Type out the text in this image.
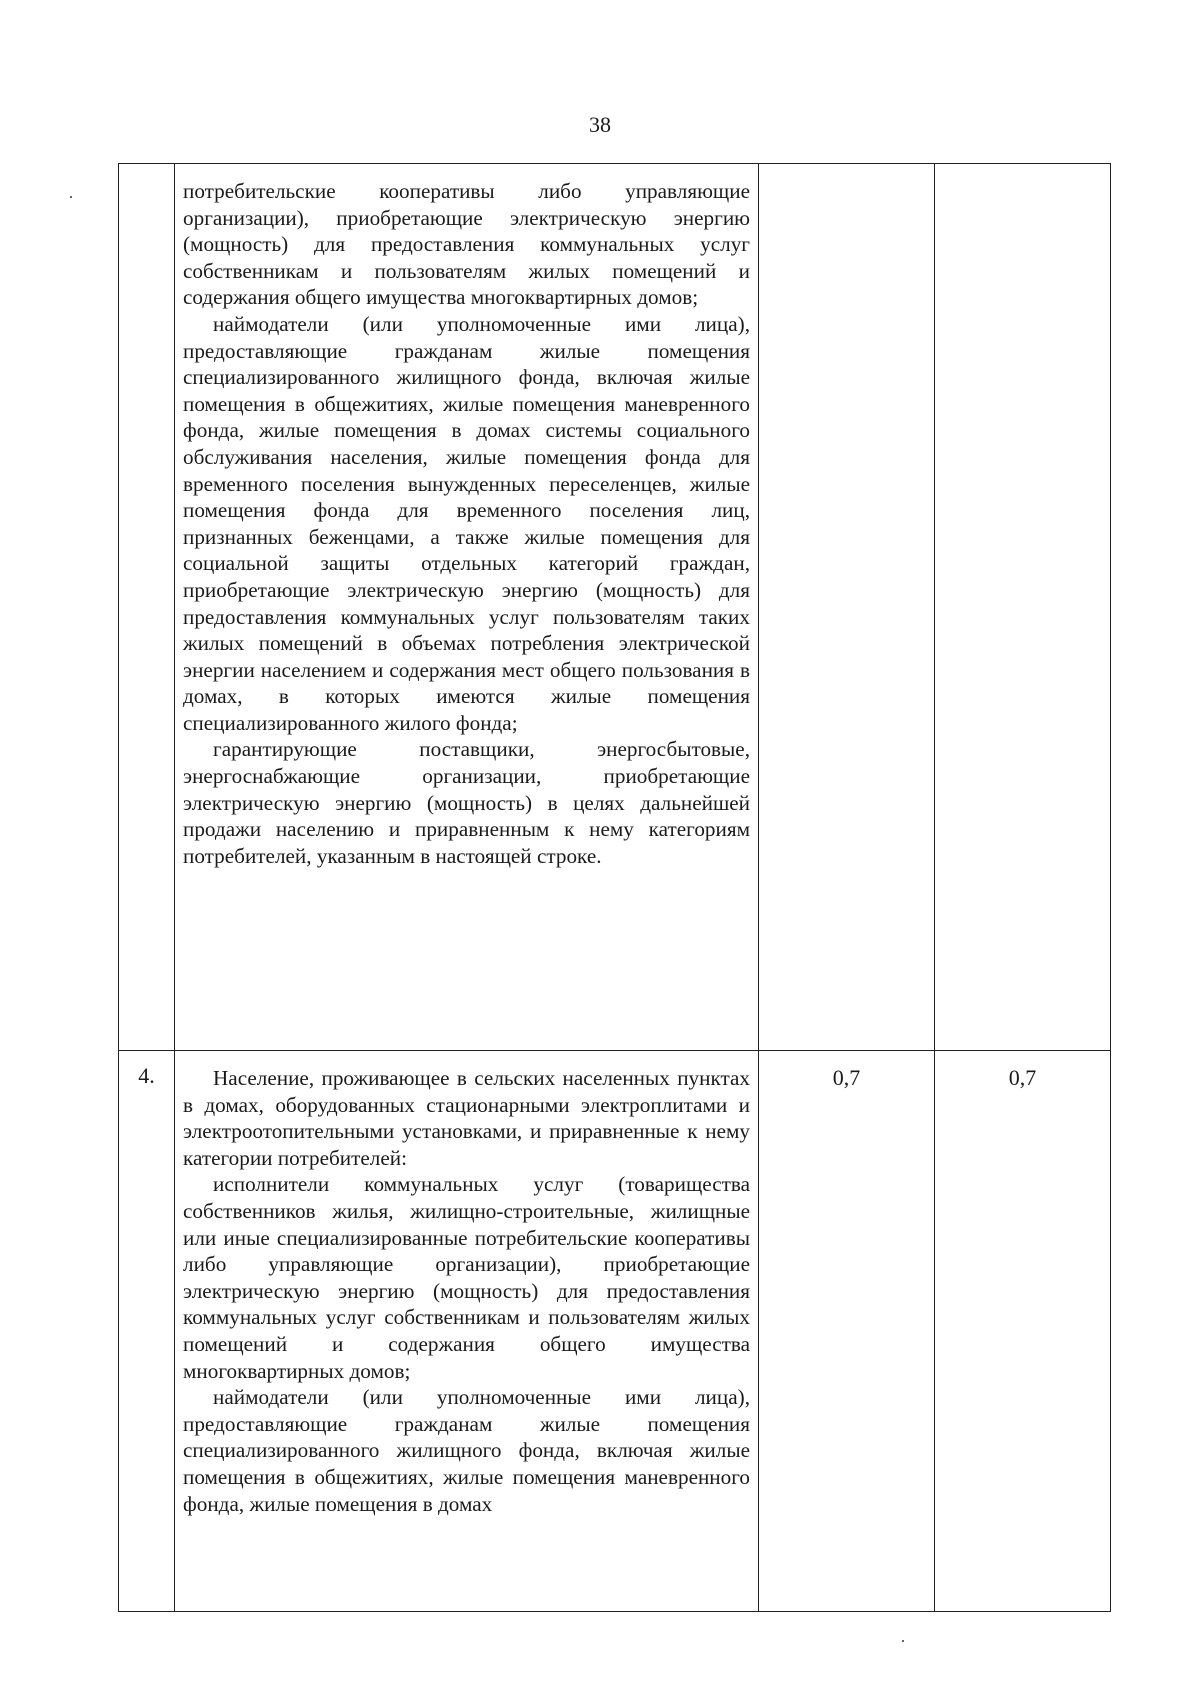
38

	потребительские кооперативы либо управляющие организации), приобретающие электрическую энергию (мощность) для предоставления коммунальных услуг собственникам и пользователям жилых помещений и содержания общего имущества многоквартирных домов;

наймодатели (или уполномоченные ими лица), предоставляющие гражданам жилые помещения специализированного жилищного фонда, включая жилые помещения в общежитиях, жилые помещения маневренного фонда, жилые помещения в домах системы социального обслуживания населения, жилые помещения фонда для временного поселения вынужденных переселенцев, жилые помещения фонда для временного поселения лиц, признанных беженцами, а также жилые помещения для социальной защиты отдельных категорий граждан, приобретающие электрическую энергию (мощность) для предоставления коммунальных услуг пользователям таких жилых помещений в объемах потребления электрической энергии населением и содержания мест общего пользования в домах, в которых имеются жилые помещения специализированного жилого фонда;

гарантирующие поставщики, энергосбытовые, энергоснабжающие организации, приобретающие электрическую энергию (мощность) в целях дальнейшей продажи населению и приравненным к нему категориям потребителей, указанным в настоящей строке.		

4.	Население, проживающее в сельских населенных пунктах в домах, оборудованных стационарными электроплитами и электроотопительными установками, и приравненные к нему категории потребителей:

исполнители коммунальных услуг (товарищества собственников жилья, жилищно-строительные, жилищные или иные специализированные потребительские кооперативы либо управляющие организации), приобретающие электрическую энергию (мощность) для предоставления коммунальных услуг собственникам и пользователям жилых помещений и содержания общего имущества многоквартирных домов;

наймодатели (или уполномоченные ими лица), предоставляющие гражданам жилые помещения специализированного жилищного фонда, включая жилые помещения в общежитиях, жилые помещения маневренного фонда, жилые помещения в домах	0,7	0,7
